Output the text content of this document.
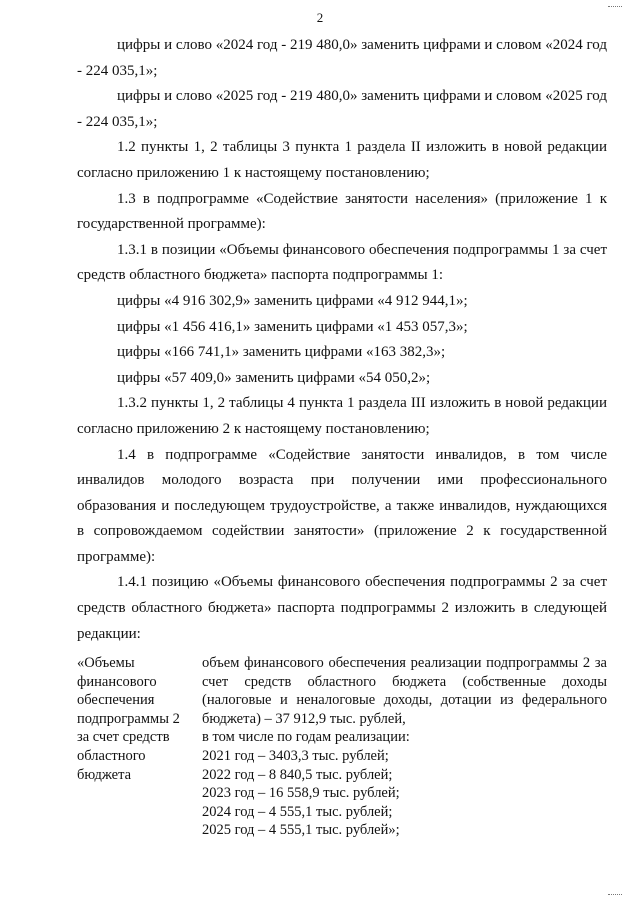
2

цифры и слово «2024 год - 219 480,0» заменить цифрами и словом «2024 год - 224 035,1»;

цифры и слово «2025 год - 219 480,0» заменить цифрами и словом «2025 год - 224 035,1»;

1.2 пункты 1, 2 таблицы 3 пункта 1 раздела II изложить в новой редакции согласно приложению 1 к настоящему постановлению;

1.3 в подпрограмме «Содействие занятости населения» (приложение 1 к государственной программе):

1.3.1 в позиции «Объемы финансового обеспечения подпрограммы 1 за счет средств областного бюджета» паспорта подпрограммы 1:

цифры «4 916 302,9» заменить цифрами «4 912 944,1»;

цифры «1 456 416,1» заменить цифрами «1 453 057,3»;

цифры «166 741,1» заменить цифрами «163 382,3»;

цифры «57 409,0» заменить цифрами «54 050,2»;

1.3.2 пункты 1, 2 таблицы 4 пункта 1 раздела III изложить в новой редакции согласно приложению 2 к настоящему постановлению;

1.4 в подпрограмме «Содействие занятости инвалидов, в том числе инвалидов молодого возраста при получении ими профессионального образования и последующем трудоустройстве, а также инвалидов, нуждающихся в сопровождаемом содействии занятости» (приложение 2 к государственной программе):

1.4.1 позицию «Объемы финансового обеспечения подпрограммы 2 за счет средств областного бюджета» паспорта подпрограммы 2 изложить в следующей редакции:

«Объемы
финансового
обеспечения
подпрограммы 2
за счет средств
областного
бюджета

объем финансового обеспечения реализации подпрограммы 2 за счет средств областного бюджета (собственные доходы (налоговые и неналоговые доходы, дотации из федерального бюджета) – 37 912,9 тыс. рублей,

в том числе по годам реализации:
2021 год – 3403,3 тыс. рублей;
2022 год – 8 840,5 тыс. рублей;
2023 год – 16 558,9 тыс. рублей;
2024 год – 4 555,1 тыс. рублей;
2025 год – 4 555,1 тыс. рублей»;
